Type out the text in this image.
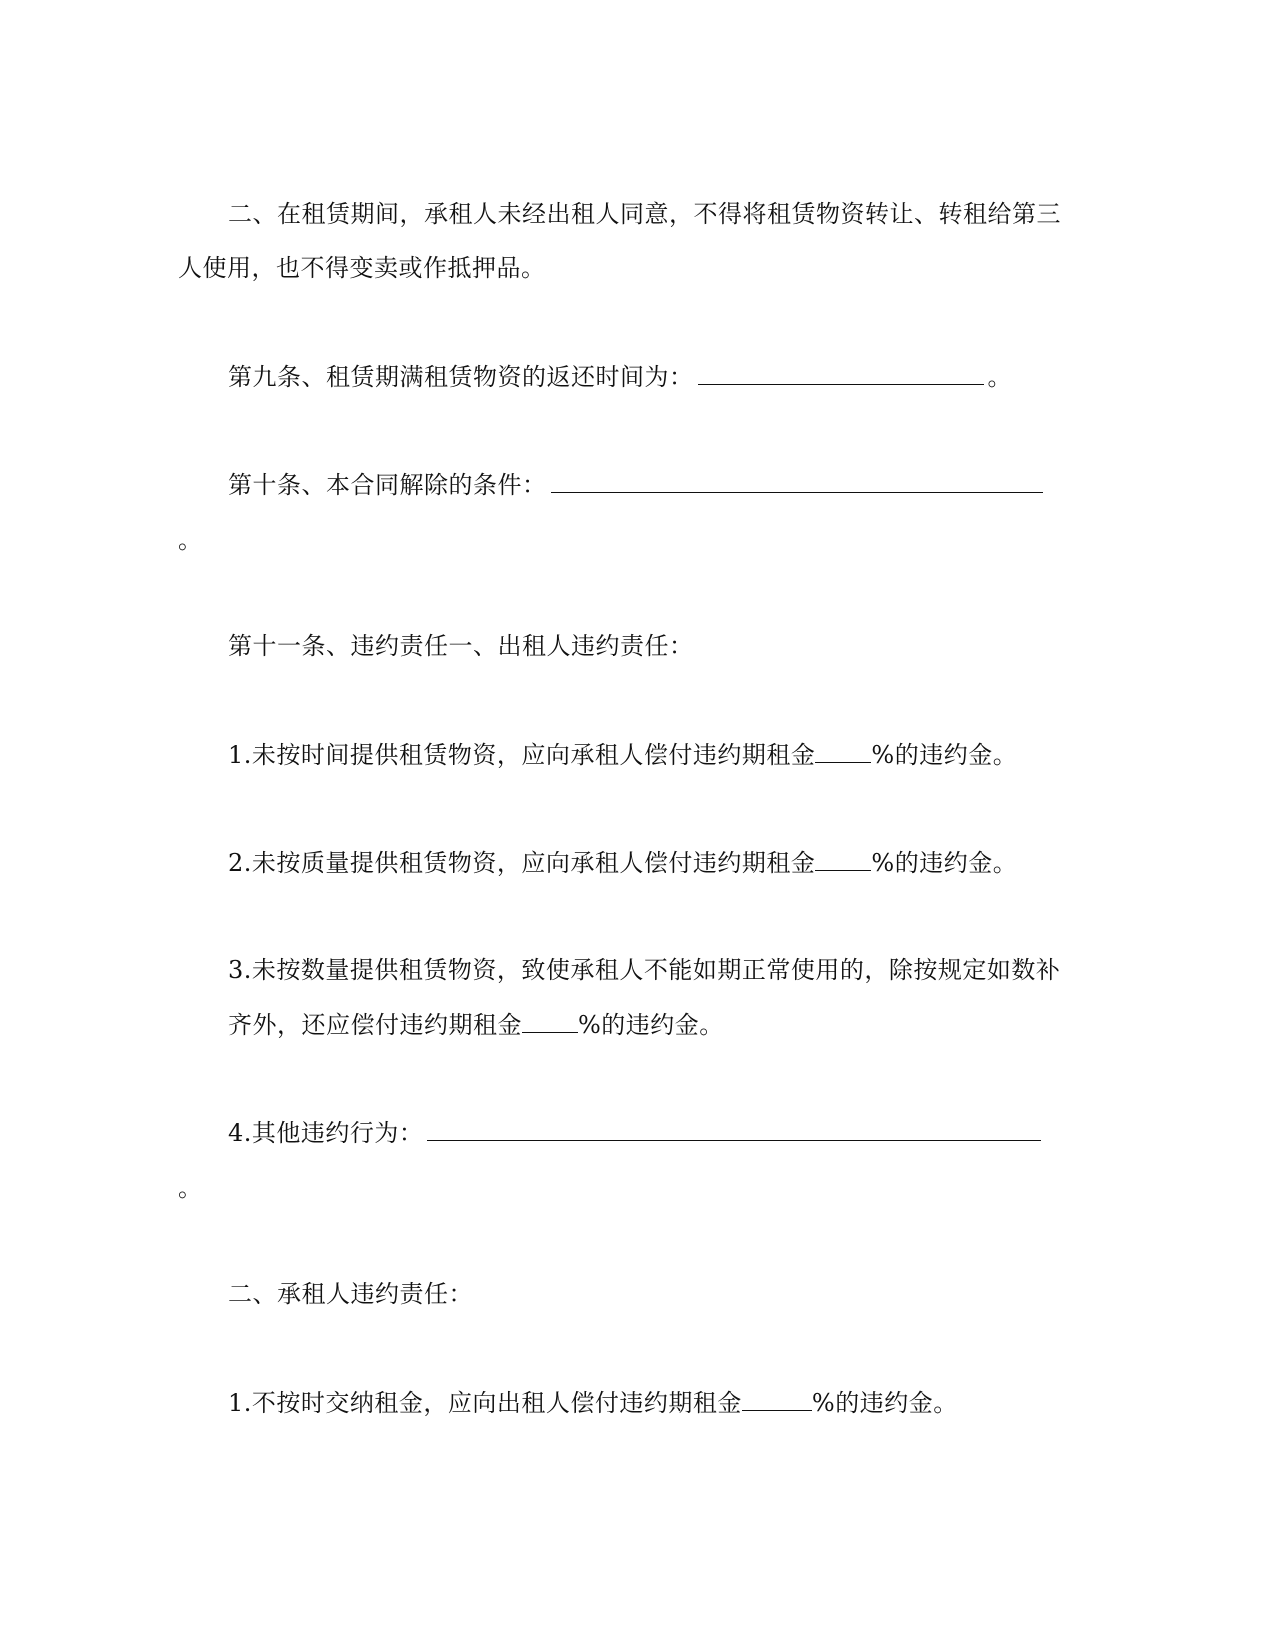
二、在租赁期间，承租人未经出租人同意，不得将租赁物资转让、转租给第三
人使用，也不得变卖或作抵押品。
第九条、租赁期满租赁物资的返还时间为：	。
第十条、本合同解除的条件：
。
第十一条、违约责任一、出租人违约责任：
1.未按时间提供租赁物资，应向承租人偿付违约期租金 %的违约金。
2.未按质量提供租赁物资，应向承租人偿付违约期租金 %的违约金。
3.未按数量提供租赁物资，致使承租人不能如期正常使用的，除按规定如数补
齐外，还应偿付违约期租金 %的违约金。
4.其他违约行为：
。
二、承租人违约责任：
1.不按时交纳租金，应向出租人偿付违约期租金	%的违约金。
